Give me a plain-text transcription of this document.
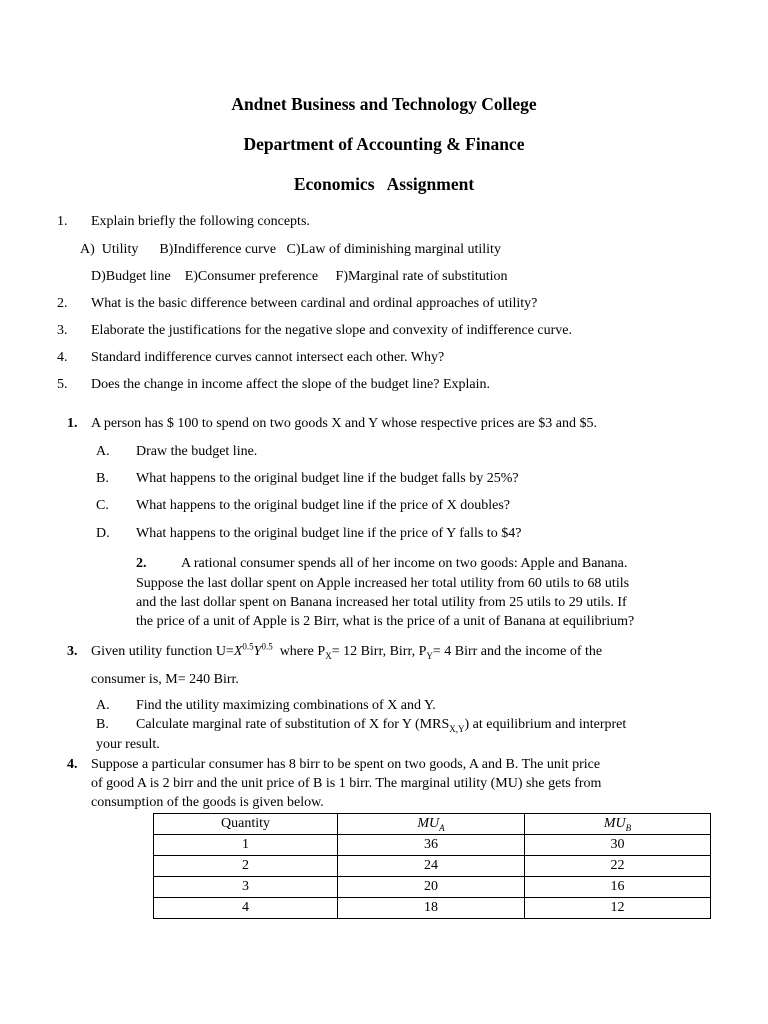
Andnet Business and Technology College
Department of Accounting & Finance
Economics   Assignment
1.	Explain briefly the following concepts.
A)  Utility      B)Indifference curve   C)Law of diminishing marginal utility
D)Budget line    E)Consumer preference     F)Marginal rate of substitution
2.	What is the basic difference between cardinal and ordinal approaches of utility?
3.	Elaborate the justifications for the negative slope and convexity of indifference curve.
4.	Standard indifference curves cannot intersect each other. Why?
5.	Does the change in income affect the slope of the budget line? Explain.
1. A person has $ 100 to spend on two goods X and Y whose respective prices are $3 and $5.
A. Draw the budget line.
B. What happens to the original budget line if the budget falls by 25%?
C. What happens to the original budget line if the price of X doubles?
D. What happens to the original budget line if the price of Y falls to $4?
2. A rational consumer spends all of her income on two goods: Apple and Banana.
Suppose the last dollar spent on Apple increased her total utility from 60 utils to 68 utils
and the last dollar spent on Banana increased her total utility from 25 utils to 29 utils. If
the price of a unit of Apple is 2 Birr, what is the price of a unit of Banana at equilibrium?
3. Given utility function $U=X^{0.5}Y^{0.5}$ where $P_X= 12$ Birr, Birr, $P_Y= 4$ Birr and the income of the
consumer is, M= 240 Birr.
A. Find the utility maximizing combinations of X and Y.
B. Calculate marginal rate of substitution of X for Y $(MRS_{X,Y})$ at equilibrium and interpret
your result.
4. Suppose a particular consumer has 8 birr to be spent on two goods, A and B. The unit price
of good A is 2 birr and the unit price of B is 1 birr. The marginal utility (MU) she gets from
consumption of the goods is given below.
Quantity	$MU_A$	$MU_B$
1	36	30
2	24	22
3	20	16
4	18	12
